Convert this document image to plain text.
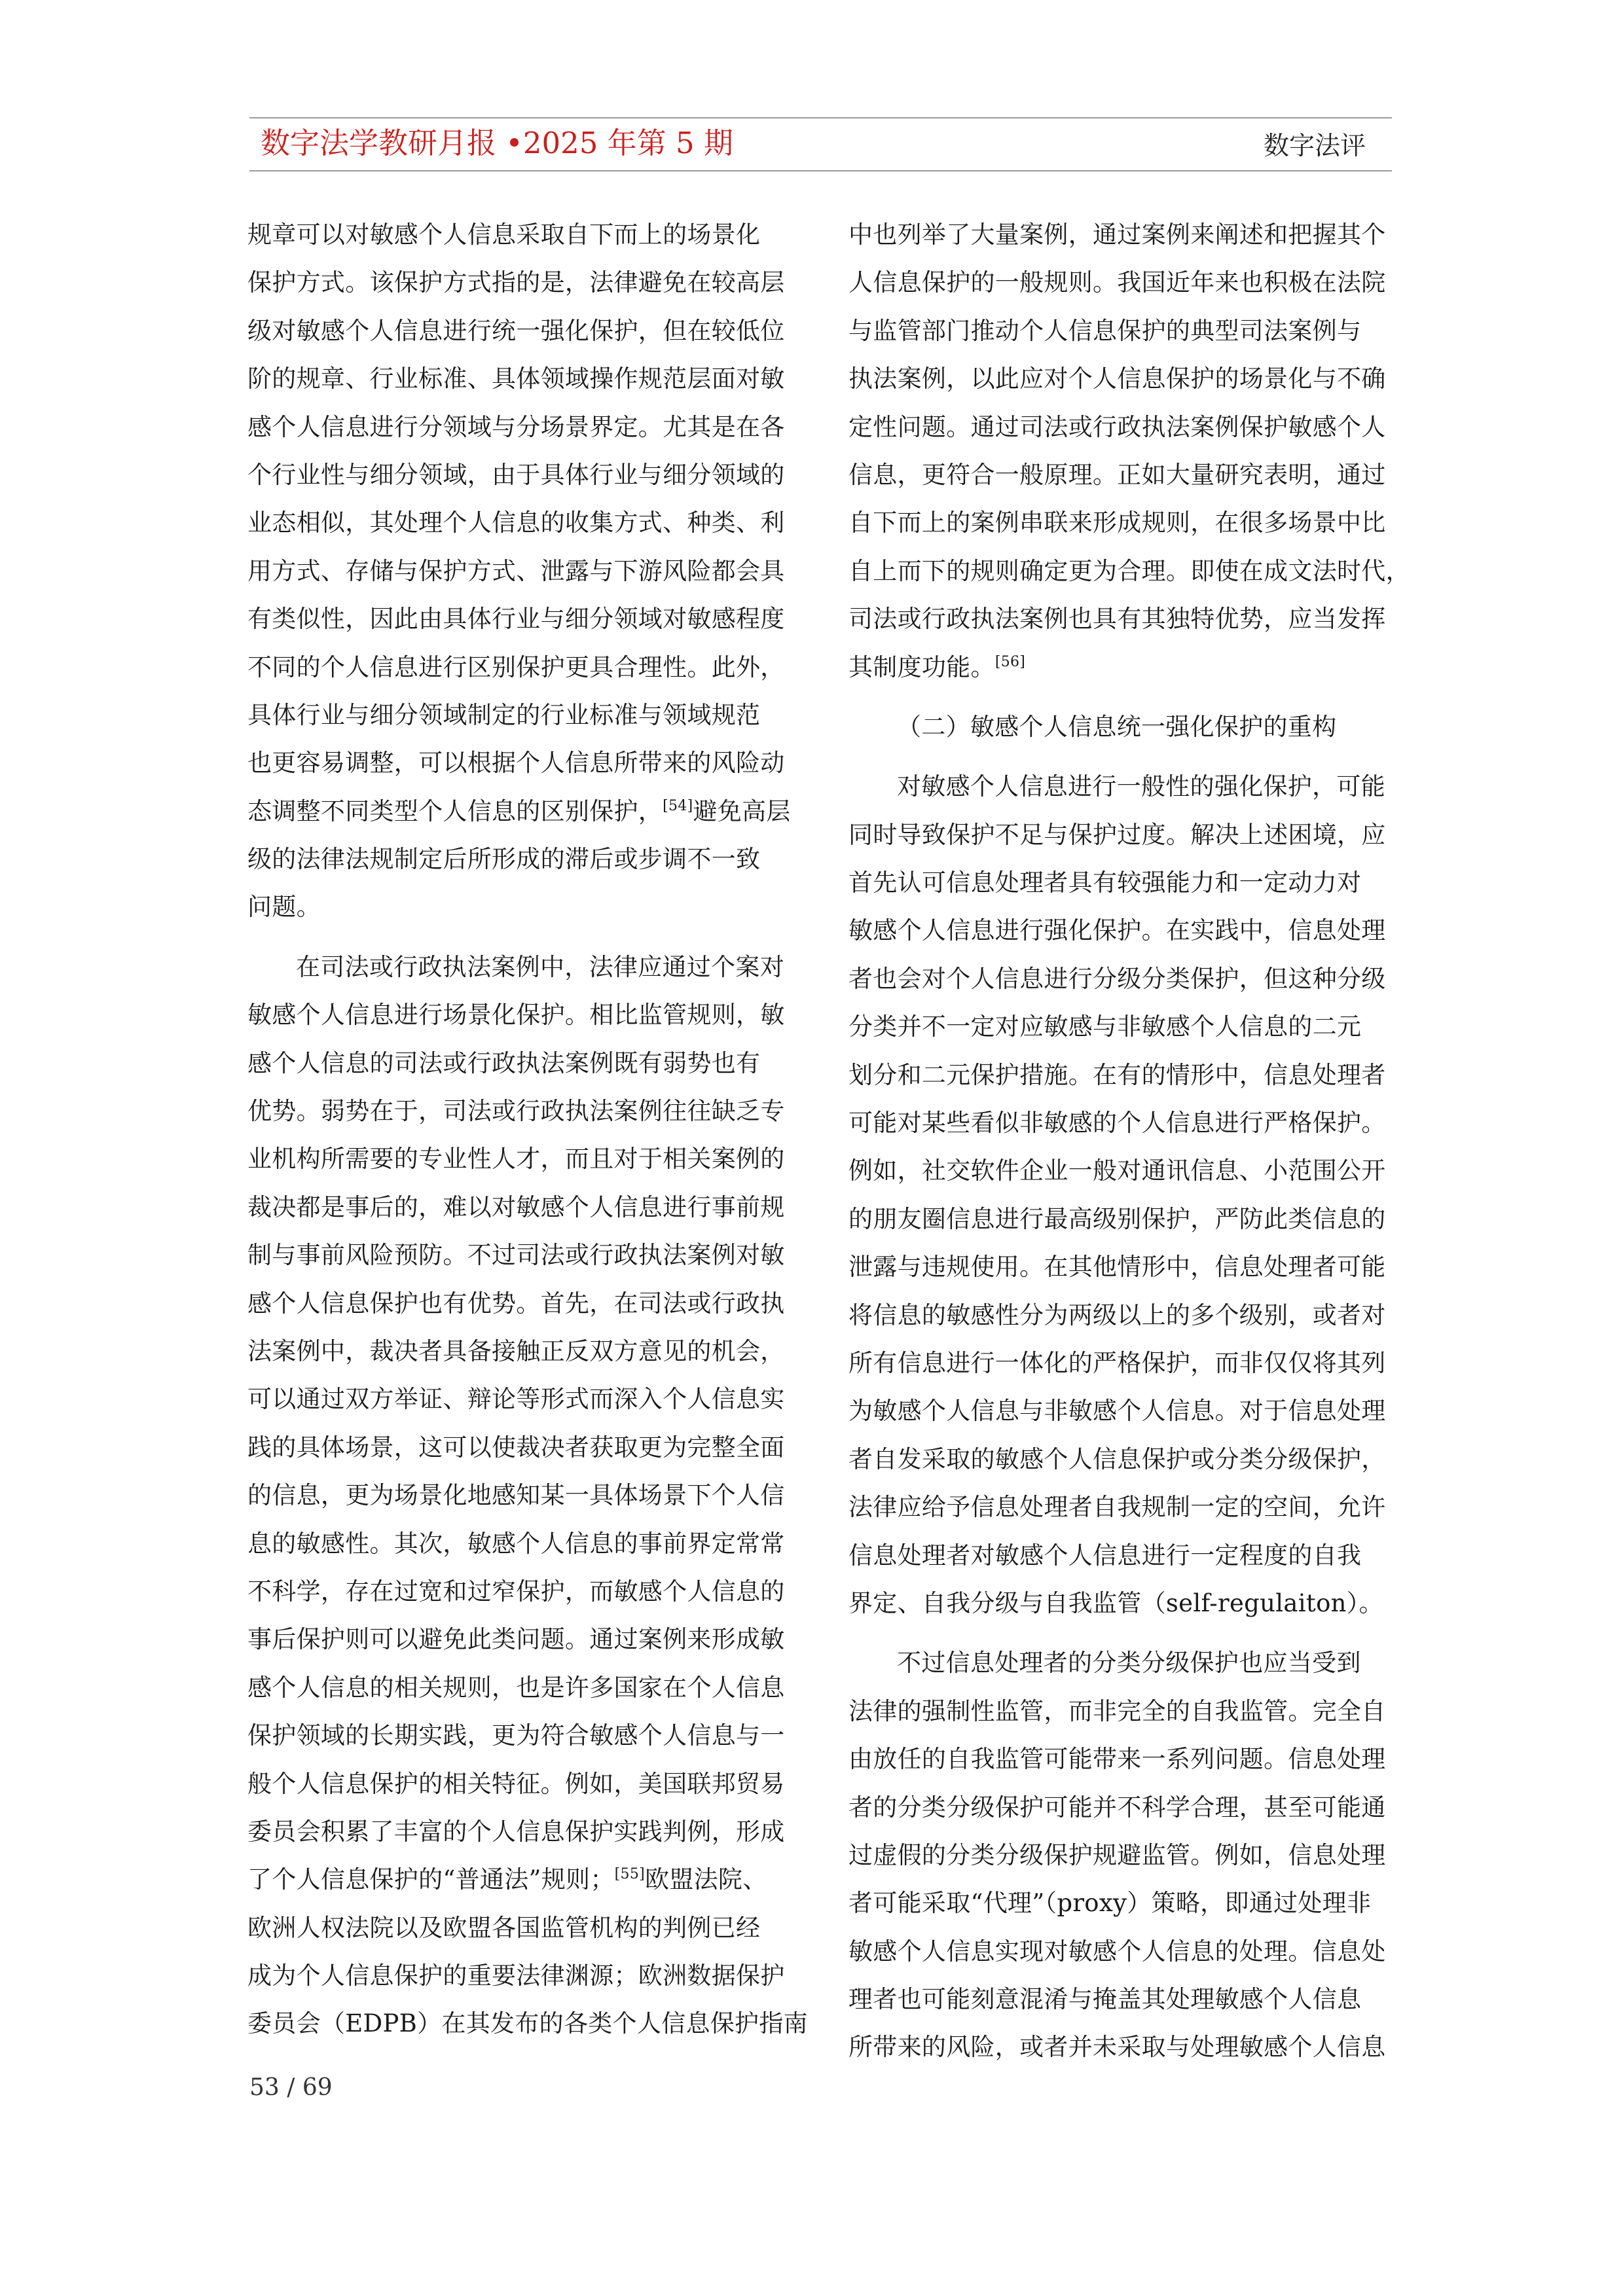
数字法学教研月报 •2025 年第 5 期	数字法评
规章可以对敏感个人信息采取自下而上的场景化
保护方式。该保护方式指的是，法律避免在较高层
级对敏感个人信息进行统一强化保护，但在较低位
阶的规章、行业标准、具体领域操作规范层面对敏
感个人信息进行分领域与分场景界定。尤其是在各
个行业性与细分领域，由于具体行业与细分领域的
业态相似，其处理个人信息的收集方式、种类、利
用方式、存储与保护方式、泄露与下游风险都会具
有类似性，因此由具体行业与细分领域对敏感程度
不同的个人信息进行区别保护更具合理性。此外，
具体行业与细分领域制定的行业标准与领域规范
也更容易调整，可以根据个人信息所带来的风险动
态调整不同类型个人信息的区别保护，[54]避免高层
级的法律法规制定后所形成的滞后或步调不一致
问题。
在司法或行政执法案例中，法律应通过个案对
敏感个人信息进行场景化保护。相比监管规则，敏
感个人信息的司法或行政执法案例既有弱势也有
优势。弱势在于，司法或行政执法案例往往缺乏专
业机构所需要的专业性人才，而且对于相关案例的
裁决都是事后的，难以对敏感个人信息进行事前规
制与事前风险预防。不过司法或行政执法案例对敏
感个人信息保护也有优势。首先，在司法或行政执
法案例中，裁决者具备接触正反双方意见的机会，
可以通过双方举证、辩论等形式而深入个人信息实
践的具体场景，这可以使裁决者获取更为完整全面
的信息，更为场景化地感知某一具体场景下个人信
息的敏感性。其次，敏感个人信息的事前界定常常
不科学，存在过宽和过窄保护，而敏感个人信息的
事后保护则可以避免此类问题。通过案例来形成敏
感个人信息的相关规则，也是许多国家在个人信息
保护领域的长期实践，更为符合敏感个人信息与一
般个人信息保护的相关特征。例如，美国联邦贸易
委员会积累了丰富的个人信息保护实践判例，形成
了个人信息保护的“普通法”规则；[55]欧盟法院、
欧洲人权法院以及欧盟各国监管机构的判例已经
成为个人信息保护的重要法律渊源；欧洲数据保护
委员会（EDPB）在其发布的各类个人信息保护指南
中也列举了大量案例，通过案例来阐述和把握其个
人信息保护的一般规则。我国近年来也积极在法院
与监管部门推动个人信息保护的典型司法案例与
执法案例，以此应对个人信息保护的场景化与不确
定性问题。通过司法或行政执法案例保护敏感个人
信息，更符合一般原理。正如大量研究表明，通过
自下而上的案例串联来形成规则，在很多场景中比
自上而下的规则确定更为合理。即使在成文法时代，
司法或行政执法案例也具有其独特优势，应当发挥
其制度功能。[56]
（二）敏感个人信息统一强化保护的重构
对敏感个人信息进行一般性的强化保护，可能
同时导致保护不足与保护过度。解决上述困境，应
首先认可信息处理者具有较强能力和一定动力对
敏感个人信息进行强化保护。在实践中，信息处理
者也会对个人信息进行分级分类保护，但这种分级
分类并不一定对应敏感与非敏感个人信息的二元
划分和二元保护措施。在有的情形中，信息处理者
可能对某些看似非敏感的个人信息进行严格保护。
例如，社交软件企业一般对通讯信息、小范围公开
的朋友圈信息进行最高级别保护，严防此类信息的
泄露与违规使用。在其他情形中，信息处理者可能
将信息的敏感性分为两级以上的多个级别，或者对
所有信息进行一体化的严格保护，而非仅仅将其列
为敏感个人信息与非敏感个人信息。对于信息处理
者自发采取的敏感个人信息保护或分类分级保护，
法律应给予信息处理者自我规制一定的空间，允许
信息处理者对敏感个人信息进行一定程度的自我
界定、自我分级与自我监管（self-regulaiton）。
不过信息处理者的分类分级保护也应当受到
法律的强制性监管，而非完全的自我监管。完全自
由放任的自我监管可能带来一系列问题。信息处理
者的分类分级保护可能并不科学合理，甚至可能通
过虚假的分类分级保护规避监管。例如，信息处理
者可能采取“代理”（proxy）策略，即通过处理非
敏感个人信息实现对敏感个人信息的处理。信息处
理者也可能刻意混淆与掩盖其处理敏感个人信息
所带来的风险，或者并未采取与处理敏感个人信息
53 / 69
